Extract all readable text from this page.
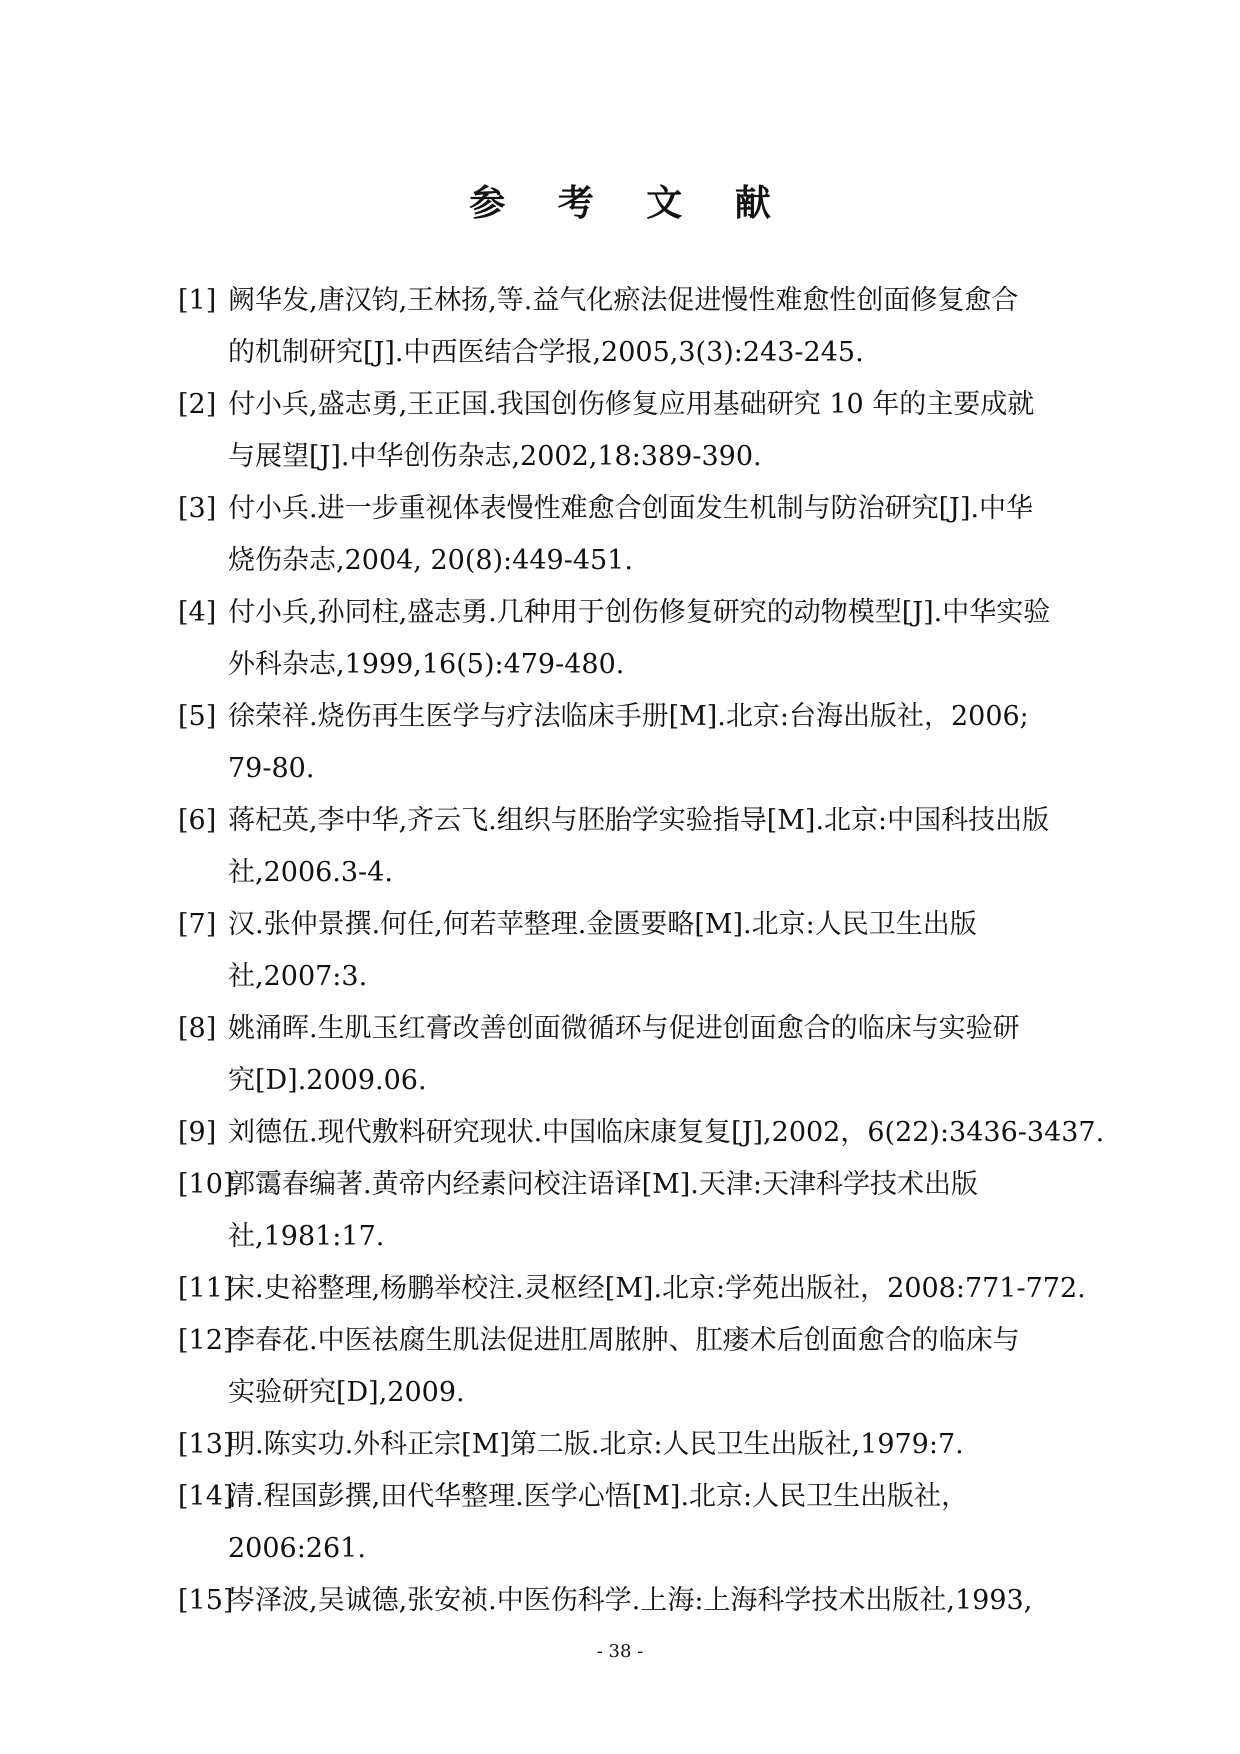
参 考 文 献
[1] 阙华发,唐汉钧,王林扬,等.益气化瘀法促进慢性难愈性创面修复愈合
的机制研究[J].中西医结合学报,2005,3(3):243-245.
[2] 付小兵,盛志勇,王正国.我国创伤修复应用基础研究 10 年的主要成就
与展望[J].中华创伤杂志,2002,18:389-390.
[3] 付小兵.进一步重视体表慢性难愈合创面发生机制与防治研究[J].中华
烧伤杂志,2004, 20(8):449-451.
[4] 付小兵,孙同柱,盛志勇.几种用于创伤修复研究的动物模型[J].中华实验
外科杂志,1999,16(5):479-480.
[5] 徐荣祥.烧伤再生医学与疗法临床手册[M].北京:台海出版社，2006;
79-80.
[6] 蒋杞英,李中华,齐云飞.组织与胚胎学实验指导[M].北京:中国科技出版
社,2006.3-4.
[7] 汉.张仲景撰.何任,何若苹整理.金匮要略[M].北京:人民卫生出版
社,2007:3.
[8] 姚涌晖.生肌玉红膏改善创面微循环与促进创面愈合的临床与实验研
究[D].2009.06.
[9] 刘德伍.现代敷料研究现状.中国临床康复复[J],2002，6(22):3436-3437.
[10]
郭霭春编著.黄帝内经素问校注语译[M].天津:天津科学技术出版
社,1981:17.
[11]
宋.史裕整理,杨鹏举校注.灵枢经[M].北京:学苑出版社，2008:771-772.
[12]
李春花.中医祛腐生肌法促进肛周脓肿、肛瘘术后创面愈合的临床与
实验研究[D],2009.
[13]
明.陈实功.外科正宗[M]第二版.北京:人民卫生出版社,1979:7.
[14]
清.程国彭撰,田代华整理.医学心悟[M].北京:人民卫生出版社，
2006:261.
[15]
岑泽波,吴诚德,张安祯.中医伤科学.上海:上海科学技术出版社,1993,
- 38 -
